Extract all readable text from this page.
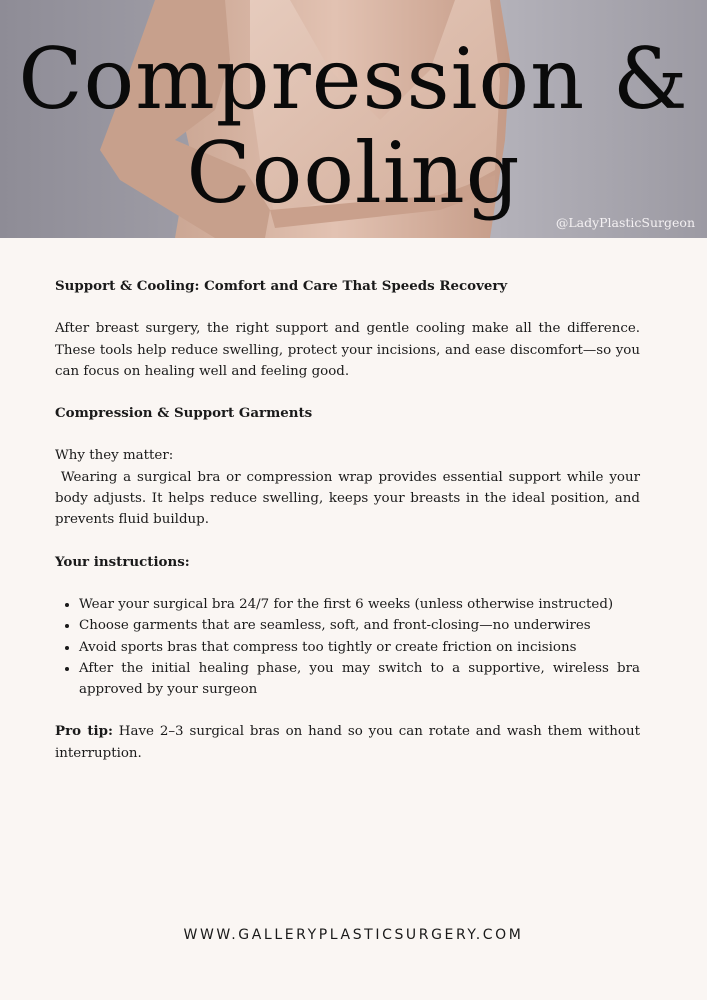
Compression &
Cooling
@LadyPlasticSurgeon

Support & Cooling: Comfort and Care That Speeds Recovery

After breast surgery, the right support and gentle cooling make all the difference. These tools help reduce swelling, protect your incisions, and ease discomfort—so you can focus on healing well and feeling good.

Compression & Support Garments

Why they matter:

Wearing a surgical bra or compression wrap provides essential support while your body adjusts. It helps reduce swelling, keeps your breasts in the ideal position, and prevents fluid buildup.

Your instructions:

• Wear your surgical bra 24/7 for the first 6 weeks (unless otherwise instructed)
• Choose garments that are seamless, soft, and front-closing—no underwires
• Avoid sports bras that compress too tightly or create friction on incisions
• After the initial healing phase, you may switch to a supportive, wireless bra approved by your surgeon

Pro tip: Have 2–3 surgical bras on hand so you can rotate and wash them without interruption.

WWW.GALLERYPLASTICSURGERY.COM
